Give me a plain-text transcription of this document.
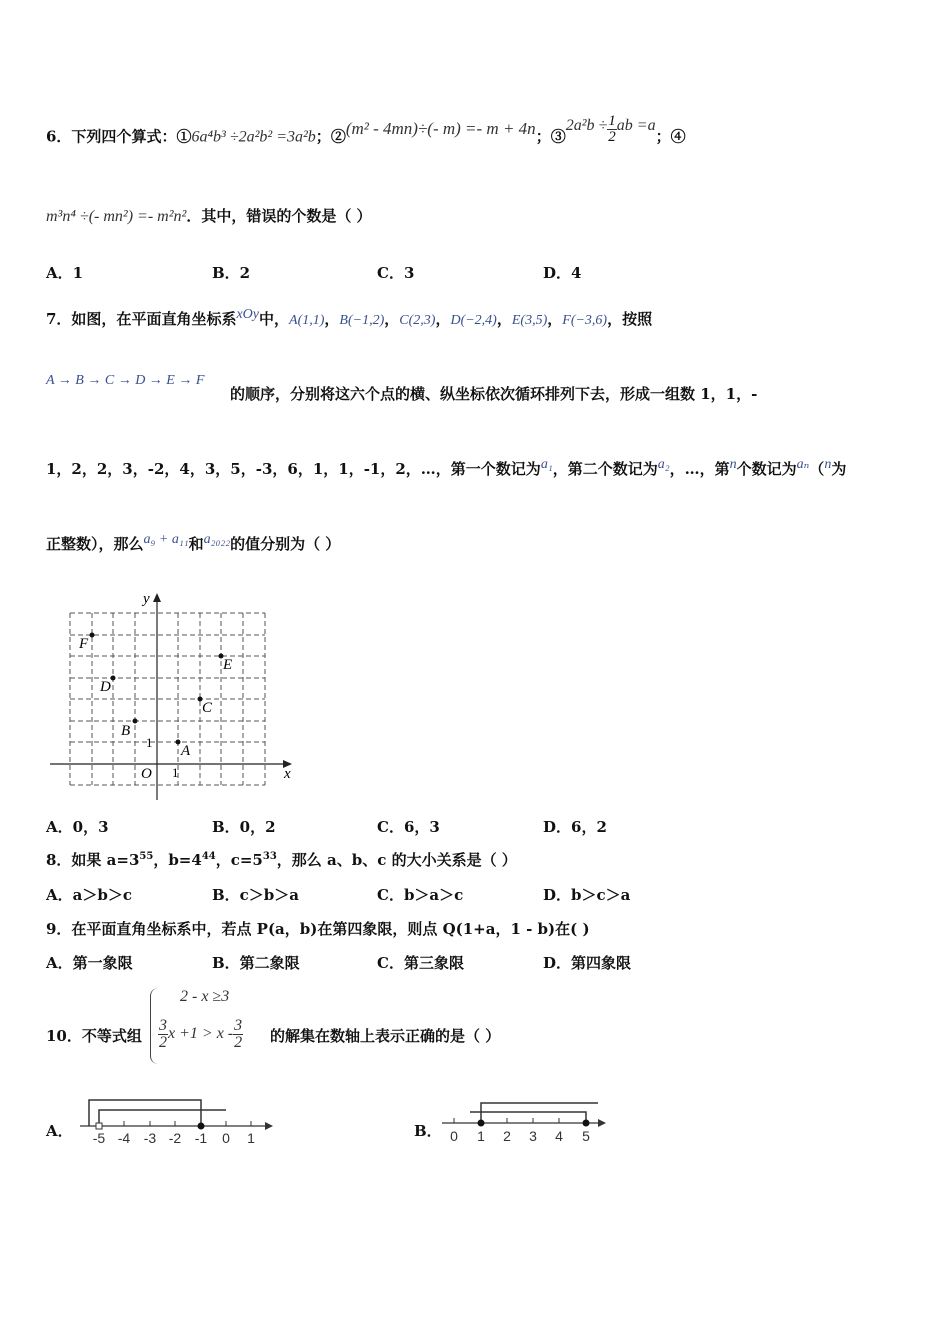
6．下列四个算式：①6a⁴b³ ÷2a²b² =3a²b；②(m² - 4mn)÷(- m) =- m + 4n；③2a²b ÷ $\frac{1}{2}$ ab =a；④
m³n⁴ ÷(- mn²) =- m²n²．其中，错误的个数是（ ）
A．1	B．2	C．3	D．4
7．如图，在平面直角坐标系xOy中，A(1,1)，B(−1,2)，C(2,3)，D(−2,4)，E(3,5)，F(−3,6)，按照
A → B → C → D → E → F
的顺序，分别将这六个点的横、纵坐标依次循环排列下去，形成一组数 1，1，-
1，2，2，3，-2，4，3，5，-3，6，1，1，-1，2，…，第一个数记为a₁，第二个数记为a₂，…，第n个数记为aₙ（n为
正整数），那么a₉ + a₁₁和a₂₀₂₂的值分别为（ ）
y
x
O 1
1
A
B
C
D
E
F
A．0，3	B．0，2	C．6，3	D．6，2
8．如果 $a=3^{55}$，$b=4^{44}$，$c=5^{33}$，那么 a、b、c 的大小关系是（ ）
A．a＞b＞c	B．c＞b＞a	C．b＞a＞c	D．b＞c＞a
9．在平面直角坐标系中，若点 P(a，b)在第四象限，则点 Q(1+a，1 - b)在( )
A．第一象限	B．第二象限	C．第三象限	D．第四象限
10．不等式组
2 - x ≥3
$\frac{3}{2}$ $x +1 > x - \frac{3}{2}$ 的解集在数轴上表示正确的是（ ）
A． -5 -4 -3 -2 -1 0 1	B． 0 1 2 3 4 5
